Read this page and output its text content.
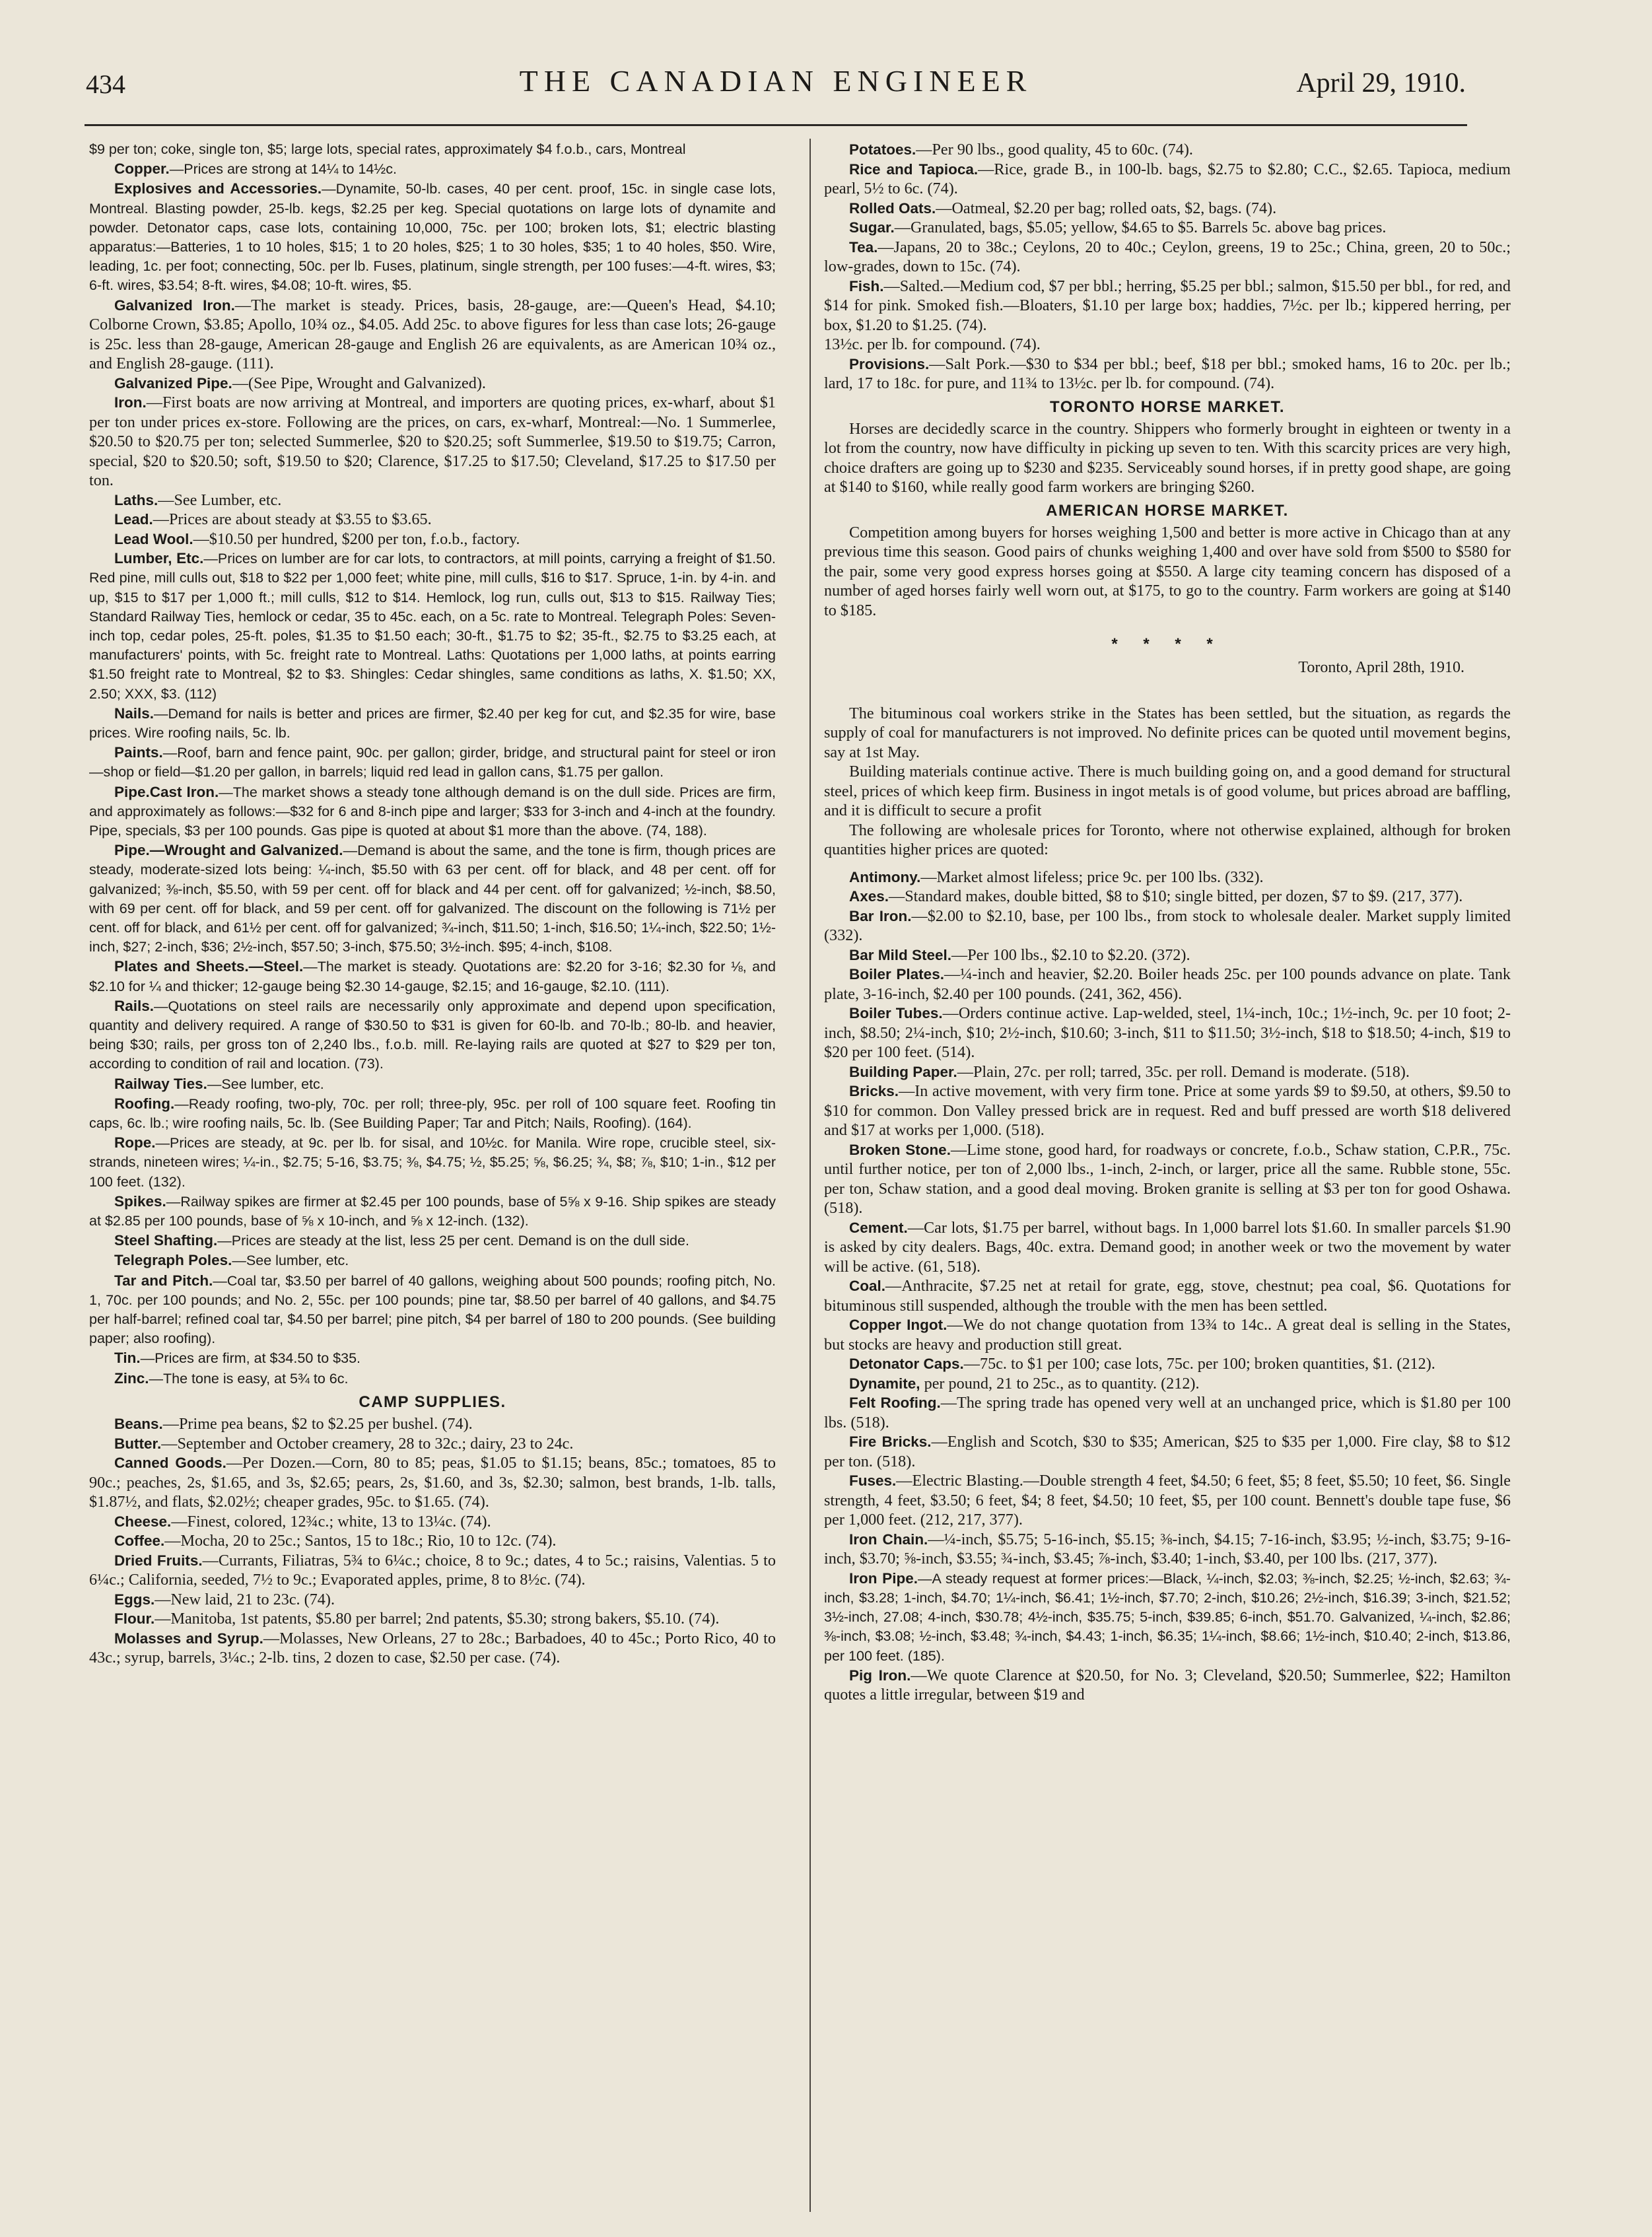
434	THE CANADIAN ENGINEER	April 29, 1910.

$9 per ton; coke, single ton, $5; large lots, special rates, approximately $4 f.o.b., cars, Montreal

Copper.—Prices are strong at 14¼ to 14½c.

Explosives and Accessories.—Dynamite, 50-lb. cases, 40 per cent. proof, 15c. in single case lots, Montreal. Blasting powder, 25-lb. kegs, $2.25 per keg. Special quotations on large lots of dynamite and powder. Detonator caps, case lots, containing 10,000, 75c. per 100; broken lots, $1; electric blasting apparatus:—Batteries, 1 to 10 holes, $15; 1 to 20 holes, $25; 1 to 30 holes, $35; 1 to 40 holes, $50. Wire, leading, 1c. per foot; connecting, 50c. per lb. Fuses, platinum, single strength, per 100 fuses:—4-ft. wires, $3; 6-ft. wires, $3.54; 8-ft. wires, $4.08; 10-ft. wires, $5.

Galvanized Iron.—The market is steady. Prices, basis, 28-gauge, are:—Queen's Head, $4.10; Colborne Crown, $3.85; Apollo, 10¾ oz., $4.05. Add 25c. to above figures for less than case lots; 26-gauge is 25c. less than 28-gauge, American 28-gauge and English 26 are equivalents, as are American 10¾ oz., and English 28-gauge. (111).

Galvanized Pipe.—(See Pipe, Wrought and Galvanized).

Iron.—First boats are now arriving at Montreal, and importers are quoting prices, ex-wharf, about $1 per ton under prices ex-store. Following are the prices, on cars, ex-wharf, Montreal:—No. 1 Summerlee, $20.50 to $20.75 per ton; selected Summerlee, $20 to $20.25; soft Summerlee, $19.50 to $19.75; Carron, special, $20 to $20.50; soft, $19.50 to $20; Clarence, $17.25 to $17.50; Cleveland, $17.25 to $17.50 per ton.

Laths.—See Lumber, etc.

Lead.—Prices are about steady at $3.55 to $3.65.

Lead Wool.—$10.50 per hundred, $200 per ton, f.o.b., factory.

Lumber, Etc.—Prices on lumber are for car lots, to contractors, at mill points, carrying a freight of $1.50. Red pine, mill culls out, $18 to $22 per 1,000 feet; white pine, mill culls, $16 to $17. Spruce, 1-in. by 4-in. and up, $15 to $17 per 1,000 ft.; mill culls, $12 to $14. Hemlock, log run, culls out, $13 to $15. Railway Ties; Standard Railway Ties, hemlock or cedar, 35 to 45c. each, on a 5c. rate to Montreal. Telegraph Poles: Seven-inch top, cedar poles, 25-ft. poles, $1.35 to $1.50 each; 30-ft., $1.75 to $2; 35-ft., $2.75 to $3.25 each, at manufacturers' points, with 5c. freight rate to Montreal. Laths: Quotations per 1,000 laths, at points earring $1.50 freight rate to Montreal, $2 to $3. Shingles: Cedar shingles, same conditions as laths, X. $1.50; XX, 2.50; XXX, $3. (112)

Nails.—Demand for nails is better and prices are firmer, $2.40 per keg for cut, and $2.35 for wire, base prices. Wire roofing nails, 5c. lb.

Paints.—Roof, barn and fence paint, 90c. per gallon; girder, bridge, and structural paint for steel or iron—shop or field—$1.20 per gallon, in barrels; liquid red lead in gallon cans, $1.75 per gallon.

Pipe.Cast Iron.—The market shows a steady tone although demand is on the dull side. Prices are firm, and approximately as follows:—$32 for 6 and 8-inch pipe and larger; $33 for 3-inch and 4-inch at the foundry. Pipe, specials, $3 per 100 pounds. Gas pipe is quoted at about $1 more than the above. (74, 188).

Pipe.—Wrought and Galvanized.—Demand is about the same, and the tone is firm, though prices are steady, moderate-sized lots being: ¼-inch, $5.50 with 63 per cent. off for black, and 48 per cent. off for galvanized; ⅜-inch, $5.50, with 59 per cent. off for black and 44 per cent. off for galvanized; ½-inch, $8.50, with 69 per cent. off for black, and 59 per cent. off for galvanized. The discount on the following is 71½ per cent. off for black, and 61½ per cent. off for galvanized; ¾-inch, $11.50; 1-inch, $16.50; 1¼-inch, $22.50; 1½-inch, $27; 2-inch, $36; 2½-inch, $57.50; 3-inch, $75.50; 3½-inch. $95; 4-inch, $108.

Plates and Sheets.—Steel.—The market is steady. Quotations are: $2.20 for 3-16; $2.30 for ⅛, and $2.10 for ¼ and thicker; 12-gauge being $2.30 14-gauge, $2.15; and 16-gauge, $2.10. (111).

Rails.—Quotations on steel rails are necessarily only approximate and depend upon specification, quantity and delivery required. A range of $30.50 to $31 is given for 60-lb. and 70-lb.; 80-lb. and heavier, being $30; rails, per gross ton of 2,240 lbs., f.o.b. mill. Re-laying rails are quoted at $27 to $29 per ton, according to condition of rail and location. (73).

Railway Ties.—See lumber, etc.

Roofing.—Ready roofing, two-ply, 70c. per roll; three-ply, 95c. per roll of 100 square feet. Roofing tin caps, 6c. lb.; wire roofing nails, 5c. lb. (See Building Paper; Tar and Pitch; Nails, Roofing). (164).

Rope.—Prices are steady, at 9c. per lb. for sisal, and 10½c. for Manila. Wire rope, crucible steel, six-strands, nineteen wires; ¼-in., $2.75; 5-16, $3.75; ⅜, $4.75; ½, $5.25; ⅝, $6.25; ¾, $8; ⅞, $10; 1-in., $12 per 100 feet. (132).

Spikes.—Railway spikes are firmer at $2.45 per 100 pounds, base of 5⅝ x 9-16. Ship spikes are steady at $2.85 per 100 pounds, base of ⅝ x 10-inch, and ⅝ x 12-inch. (132).

Steel Shafting.—Prices are steady at the list, less 25 per cent. Demand is on the dull side.

Telegraph Poles.—See lumber, etc.

Tar and Pitch.—Coal tar, $3.50 per barrel of 40 gallons, weighing about 500 pounds; roofing pitch, No. 1, 70c. per 100 pounds; and No. 2, 55c. per 100 pounds; pine tar, $8.50 per barrel of 40 gallons, and $4.75 per half-barrel; refined coal tar, $4.50 per barrel; pine pitch, $4 per barrel of 180 to 200 pounds. (See building paper; also roofing).

Tin.—Prices are firm, at $34.50 to $35.

Zinc.—The tone is easy, at 5¾ to 6c.

CAMP SUPPLIES.

Beans.—Prime pea beans, $2 to $2.25 per bushel. (74).

Butter.—September and October creamery, 28 to 32c.; dairy, 23 to 24c.

Canned Goods.—Per Dozen.—Corn, 80 to 85; peas, $1.05 to $1.15; beans, 85c.; tomatoes, 85 to 90c.; peaches, 2s, $1.65, and 3s, $2.65; pears, 2s, $1.60, and 3s, $2.30; salmon, best brands, 1-lb. talls, $1.87½, and flats, $2.02½; cheaper grades, 95c. to $1.65. (74).

Cheese.—Finest, colored, 12¾c.; white, 13 to 13¼c. (74).

Coffee.—Mocha, 20 to 25c.; Santos, 15 to 18c.; Rio, 10 to 12c. (74).

Dried Fruits.—Currants, Filiatras, 5¾ to 6¼c.; choice, 8 to 9c.; dates, 4 to 5c.; raisins, Valentias. 5 to 6¼c.; California, seeded, 7½ to 9c.; Evaporated apples, prime, 8 to 8½c. (74).

Eggs.—New laid, 21 to 23c. (74).

Flour.—Manitoba, 1st patents, $5.80 per barrel; 2nd patents, $5.30; strong bakers, $5.10. (74).

Molasses and Syrup.—Molasses, New Orleans, 27 to 28c.; Barbadoes, 40 to 45c.; Porto Rico, 40 to 43c.; syrup, barrels, 3¼c.; 2-lb. tins, 2 dozen to case, $2.50 per case. (74).

Potatoes.—Per 90 lbs., good quality, 45 to 60c. (74).

Rice and Tapioca.—Rice, grade B., in 100-lb. bags, $2.75 to $2.80; C.C., $2.65. Tapioca, medium pearl, 5½ to 6c. (74).

Rolled Oats.—Oatmeal, $2.20 per bag; rolled oats, $2, bags. (74).

Sugar.—Granulated, bags, $5.05; yellow, $4.65 to $5. Barrels 5c. above bag prices.

Tea.—Japans, 20 to 38c.; Ceylons, 20 to 40c.; Ceylon, greens, 19 to 25c.; China, green, 20 to 50c.; low-grades, down to 15c. (74).

Fish.—Salted.—Medium cod, $7 per bbl.; herring, $5.25 per bbl.; salmon, $15.50 per bbl., for red, and $14 for pink. Smoked fish.—Bloaters, $1.10 per large box; haddies, 7½c. per lb.; kippered herring, per box, $1.20 to $1.25. (74).

13½c. per lb. for compound. (74).

Provisions.—Salt Pork.—$30 to $34 per bbl.; beef, $18 per bbl.; smoked hams, 16 to 20c. per lb.; lard, 17 to 18c. for pure, and 11¾ to 13½c. per lb. for compound. (74).

TORONTO HORSE MARKET.

Horses are decidedly scarce in the country. Shippers who formerly brought in eighteen or twenty in a lot from the country, now have difficulty in picking up seven to ten. With this scarcity prices are very high, choice drafters are going up to $230 and $235. Serviceably sound horses, if in pretty good shape, are going at $140 to $160, while really good farm workers are bringing $260.

AMERICAN HORSE MARKET.

Competition among buyers for horses weighing 1,500 and better is more active in Chicago than at any previous time this season. Good pairs of chunks weighing 1,400 and over have sold from $500 to $580 for the pair, some very good express horses going at $550. A large city teaming concern has disposed of a number of aged horses fairly well worn out, at $175, to go to the country. Farm workers are going at $140 to $185.

* * * *
Toronto, April 28th, 1910.

The bituminous coal workers strike in the States has been settled, but the situation, as regards the supply of coal for manufacturers is not improved. No definite prices can be quoted until movement begins, say at 1st May.

Building materials continue active. There is much building going on, and a good demand for structural steel, prices of which keep firm. Business in ingot metals is of good volume, but prices abroad are baffling, and it is difficult to secure a profit

The following are wholesale prices for Toronto, where not otherwise explained, although for broken quantities higher prices are quoted:

Antimony.—Market almost lifeless; price 9c. per 100 lbs. (332).

Axes.—Standard makes, double bitted, $8 to $10; single bitted, per dozen, $7 to $9. (217, 377).

Bar Iron.—$2.00 to $2.10, base, per 100 lbs., from stock to wholesale dealer. Market supply limited (332).

Bar Mild Steel.—Per 100 lbs., $2.10 to $2.20. (372).

Boiler Plates.—¼-inch and heavier, $2.20. Boiler heads 25c. per 100 pounds advance on plate. Tank plate, 3-16-inch, $2.40 per 100 pounds. (241, 362, 456).

Boiler Tubes.—Orders continue active. Lap-welded, steel, 1¼-inch, 10c.; 1½-inch, 9c. per 10 foot; 2-inch, $8.50; 2¼-inch, $10; 2½-inch, $10.60; 3-inch, $11 to $11.50; 3½-inch, $18 to $18.50; 4-inch, $19 to $20 per 100 feet. (514).

Building Paper.—Plain, 27c. per roll; tarred, 35c. per roll. Demand is moderate. (518).

Bricks.—In active movement, with very firm tone. Price at some yards $9 to $9.50, at others, $9.50 to $10 for common. Don Valley pressed brick are in request. Red and buff pressed are worth $18 delivered and $17 at works per 1,000. (518).

Broken Stone.—Lime stone, good hard, for roadways or concrete, f.o.b., Schaw station, C.P.R., 75c. until further notice, per ton of 2,000 lbs., 1-inch, 2-inch, or larger, price all the same. Rubble stone, 55c. per ton, Schaw station, and a good deal moving. Broken granite is selling at $3 per ton for good Oshawa. (518).

Cement.—Car lots, $1.75 per barrel, without bags. In 1,000 barrel lots $1.60. In smaller parcels $1.90 is asked by city dealers. Bags, 40c. extra. Demand good; in another week or two the movement by water will be active. (61, 518).

Coal.—Anthracite, $7.25 net at retail for grate, egg, stove, chestnut; pea coal, $6. Quotations for bituminous still suspended, although the trouble with the men has been settled.

Copper Ingot.—We do not change quotation from 13¾ to 14c.. A great deal is selling in the States, but stocks are heavy and production still great.

Detonator Caps.—75c. to $1 per 100; case lots, 75c. per 100; broken quantities, $1. (212).

Dynamite, per pound, 21 to 25c., as to quantity. (212).

Felt Roofing.—The spring trade has opened very well at an unchanged price, which is $1.80 per 100 lbs. (518).

Fire Bricks.—English and Scotch, $30 to $35; American, $25 to $35 per 1,000. Fire clay, $8 to $12 per ton. (518).

Fuses.—Electric Blasting.—Double strength 4 feet, $4.50; 6 feet, $5; 8 feet, $5.50; 10 feet, $6. Single strength, 4 feet, $3.50; 6 feet, $4; 8 feet, $4.50; 10 feet, $5, per 100 count. Bennett's double tape fuse, $6 per 1,000 feet. (212, 217, 377).

Iron Chain.—¼-inch, $5.75; 5-16-inch, $5.15; ⅜-inch, $4.15; 7-16-inch, $3.95; ½-inch, $3.75; 9-16-inch, $3.70; ⅝-inch, $3.55; ¾-inch, $3.45; ⅞-inch, $3.40; 1-inch, $3.40, per 100 lbs. (217, 377).

Iron Pipe.—A steady request at former prices:—Black, ¼-inch, $2.03; ⅜-inch, $2.25; ½-inch, $2.63; ¾-inch, $3.28; 1-inch, $4.70; 1¼-inch, $6.41; 1½-inch, $7.70; 2-inch, $10.26; 2½-inch, $16.39; 3-inch, $21.52; 3½-inch, 27.08; 4-inch, $30.78; 4½-inch, $35.75; 5-inch, $39.85; 6-inch, $51.70. Galvanized, ¼-inch, $2.86; ⅜-inch, $3.08; ½-inch, $3.48; ¾-inch, $4.43; 1-inch, $6.35; 1¼-inch, $8.66; 1½-inch, $10.40; 2-inch, $13.86, per 100 feet. (185).

Pig Iron.—We quote Clarence at $20.50, for No. 3; Cleveland, $20.50; Summerlee, $22; Hamilton quotes a little irregular, between $19 and
